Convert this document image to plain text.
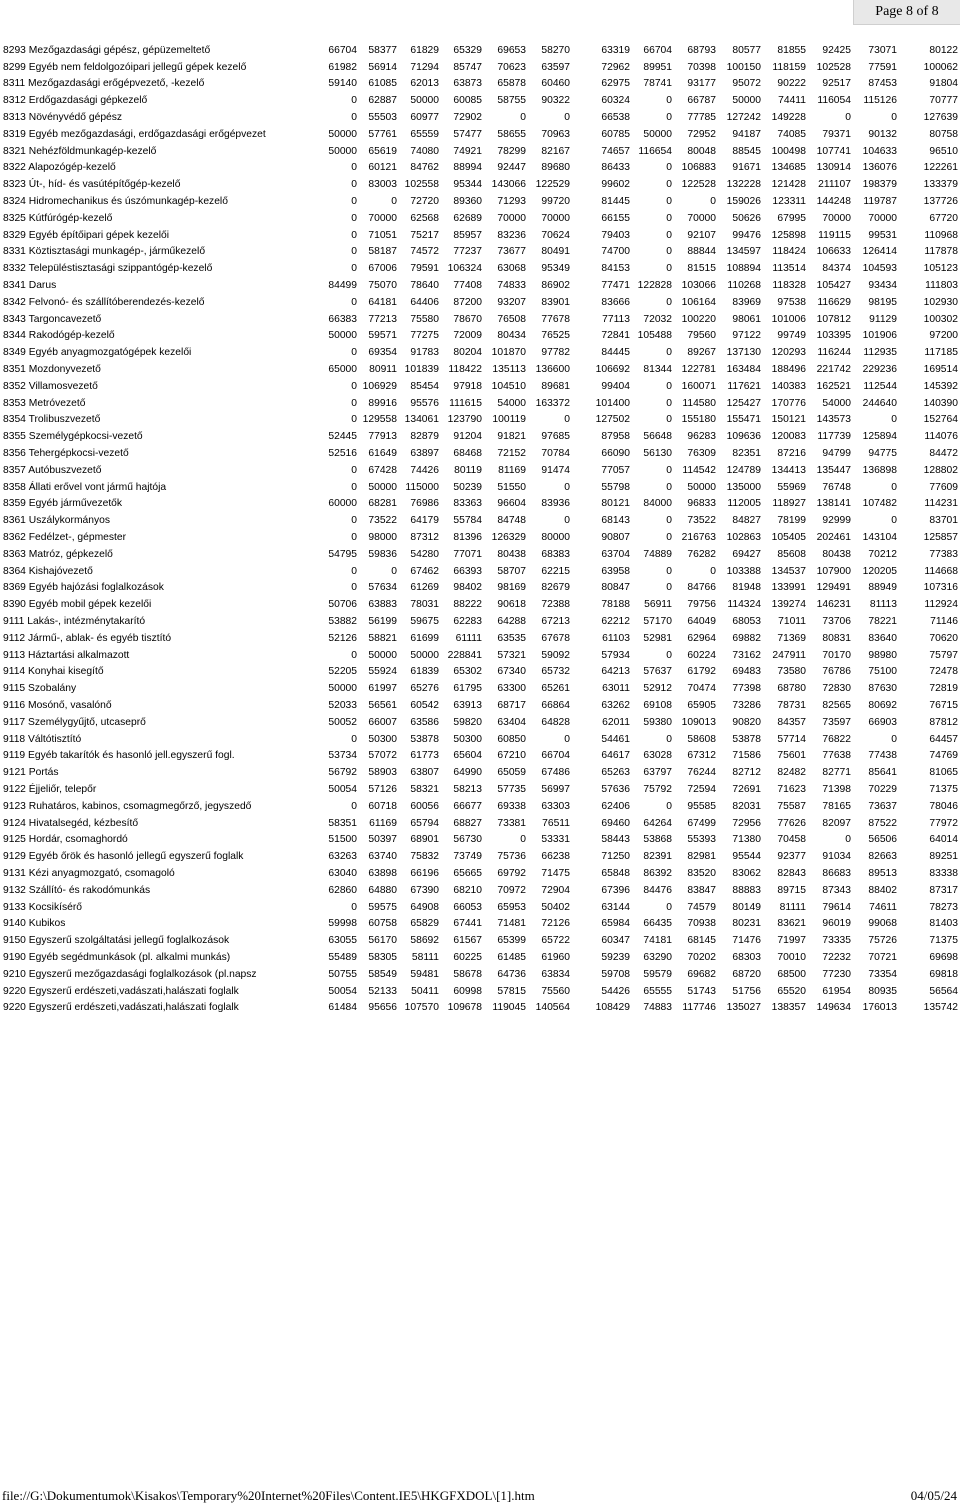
Page 8 of 8
8293 Mezőgazdasági gépész, gépüzemeltető	66704	58377	61829	65329	69653	58270	63319	66704	68793	80577	81855	92425	73071	80122
8299 Egyéb nem feldolgozóipari jellegű gépek kezelő	61982	56914	71294	85747	70623	63597	72962	89951	70398	100150	118159	102528	77591	100062
8311 Mezőgazdasági erőgépvezető, -kezelő	59140	61085	62013	63873	65878	60460	62975	78741	93177	95072	90222	92517	87453	91804
8312 Erdőgazdasági gépkezelő	0	62887	50000	60085	58755	90322	60324	0	66787	50000	74411	116054	115126	70777
8313 Növényvédő gépész	0	55503	60977	72902	0	0	66538	0	77785	127242	149228	0	0	127639
8319 Egyéb mezőgazdasági, erdőgazdasági erőgépvezet	50000	57761	65559	57477	58655	70963	60785	50000	72952	94187	74085	79371	90132	80758
8321 Nehézföldmunkagép-kezelő	50000	65619	74080	74921	78299	82167	74657	116654	80048	88545	100498	107741	104633	96510
8322 Alapozógép-kezelő	0	60121	84762	88994	92447	89680	86433	0	106883	91671	134685	130914	136076	122261
8323 Út-, híd- és vasútépítőgép-kezelő	0	83003	102558	95344	143066	122529	99602	0	122528	132228	121428	211107	198379	133379
8324 Hidromechanikus és úszómunkagép-kezelő	0	0	72720	89360	71293	99720	81445	0	0	159026	123311	144248	119787	137726
8325 Kútfúrógép-kezelő	0	70000	62568	62689	70000	70000	66155	0	70000	50626	67995	70000	70000	67720
8329 Egyéb építőipari gépek kezelői	0	71051	75217	85957	83236	70624	79403	0	92107	99476	125898	119115	99531	110968
8331 Köztisztasági munkagép-, járműkezelő	0	58187	74572	77237	73677	80491	74700	0	88844	134597	118424	106633	126414	117878
8332 Településtisztasági szippantógép-kezelő	0	67006	79591	106324	63068	95349	84153	0	81515	108894	113514	84374	104593	105123
8341 Darus	84499	75070	78640	77408	74833	86902	77471	122828	103066	110268	118328	105427	93434	111803
8342 Felvonó- és szállítóberendezés-kezelő	0	64181	64406	87200	93207	83901	83666	0	106164	83969	97538	116629	98195	102930
8343 Targoncavezető	66383	77213	75580	78670	76508	77678	77113	72032	100220	98061	101006	107812	91129	100302
8344 Rakodógép-kezelő	50000	59571	77275	72009	80434	76525	72841	105488	79560	97122	99749	103395	101906	97200
8349 Egyéb anyagmozgatógépek kezelői	0	69354	91783	80204	101870	97782	84445	0	89267	137130	120293	116244	112935	117185
8351 Mozdonyvezető	65000	80911	101839	118422	135113	136600	106692	81344	122781	163484	188496	221742	229236	169514
8352 Villamosvezető	0	106929	85454	97918	104510	89681	99404	0	160071	117621	140383	162521	112544	145392
8353 Metróvezető	0	89916	95576	111615	54000	163372	101400	0	114580	125427	170776	54000	244640	140390
8354 Trolibuszvezető	0	129558	134061	123790	100119	0	127502	0	155180	155471	150121	143573	0	152764
8355 Személygépkocsi-vezető	52445	77913	82879	91204	91821	97685	87958	56648	96283	109636	120083	117739	125894	114076
8356 Tehergépkocsi-vezető	52516	61649	63897	68468	72152	70784	66090	56130	76309	82351	87216	94799	94775	84472
8357 Autóbuszvezető	0	67428	74426	80119	81169	91474	77057	0	114542	124789	134413	135447	136898	128802
8358 Állati erővel vont jármű hajtója	0	50000	115000	50239	51550	0	55798	0	50000	135000	55969	76748	0	77609
8359 Egyéb járművezetők	60000	68281	76986	83363	96604	83936	80121	84000	96833	112005	118927	138141	107482	114231
8361 Uszálykormányos	0	73522	64179	55784	84748	0	68143	0	73522	84827	78199	92999	0	83701
8362 Fedélzet-, gépmester	0	98000	87312	81396	126329	80000	90807	0	216763	102863	105405	202461	143104	125857
8363 Matróz, gépkezelő	54795	59836	54280	77071	80438	68383	63704	74889	76282	69427	85608	80438	70212	77383
8364 Kishajóvezető	0	0	67462	66393	58707	62215	63958	0	0	103388	134537	107900	120205	114668
8369 Egyéb hajózási foglalkozások	0	57634	61269	98402	98169	82679	80847	0	84766	81948	133991	129491	88949	107316
8390 Egyéb mobil gépek kezelői	50706	63883	78031	88222	90618	72388	78188	56911	79756	114324	139274	146231	81113	112924
9111 Lakás-, intézménytakarító	53882	56199	59675	62283	64288	67213	62212	57170	64049	68053	71011	73706	78221	71146
9112 Jármű-, ablak- és egyéb tisztító	52126	58821	61699	61111	63535	67678	61103	52981	62964	69882	71369	80831	83640	70620
9113 Háztartási alkalmazott	0	50000	50000	228841	57321	59092	57934	0	60224	73162	247911	70170	98980	75797
9114 Konyhai kisegítő	52205	55924	61839	65302	67340	65732	64213	57637	61792	69483	73580	76786	75100	72478
9115 Szobalány	50000	61997	65276	61795	63300	65261	63011	52912	70474	77398	68780	72830	87630	72819
9116 Mosónő, vasalónő	52033	56561	60542	63913	68717	66864	63262	69108	65905	73286	78731	82565	80692	76715
9117 Személygyűjtő, utcaseprő	50052	66007	63586	59820	63404	64828	62011	59380	109013	90820	84357	73597	66903	87812
9118 Váltótisztító	0	50300	53878	50300	60850	0	54461	0	58608	53878	57714	76822	0	64457
9119 Egyéb takarítók és hasonló jell.egyszerű fogl.	53734	57072	61773	65604	67210	66704	64617	63028	67312	71586	75601	77638	77438	74769
9121 Portás	56792	58903	63807	64990	65059	67486	65263	63797	76244	82712	82482	82771	85641	81065
9122 Éjjeliőr, telepőr	50054	57126	58321	58213	57735	56997	57636	75792	72594	72691	71623	71398	70229	71375
9123 Ruhatáros, kabinos, csomagmegőrző, jegyszedő	0	60718	60056	66677	69338	63303	62406	0	95585	82031	75587	78165	73637	78046
9124 Hivatalsegéd, kézbesítő	58351	61169	65794	68827	73381	76511	69460	64264	67499	72956	77626	82097	87522	77972
9125 Hordár, csomaghordó	51500	50397	68901	56730	0	53331	58443	53868	55393	71380	70458	0	56506	64014
9129 Egyéb őrök és hasonló jellegű egyszerű foglalk	63263	63740	75832	73749	75736	66238	71250	82391	82981	95544	92377	91034	82663	89251
9131 Kézi anyagmozgató, csomagoló	63040	63898	66196	65665	69792	71475	65848	86392	83520	83062	82843	86683	89513	83338
9132 Szállító- és rakodómunkás	62860	64880	67390	68210	70972	72904	67396	84476	83847	88883	89715	87343	88402	87317
9133 Kocsikísérő	0	59575	64908	66053	65953	50402	63144	0	74579	80149	81111	79614	74611	78273
9140 Kubikos	59998	60758	65829	67441	71481	72126	65984	66435	70938	80231	83621	96019	99068	81403
9150 Egyszerű szolgáltatási jellegű foglalkozások	63055	56170	58692	61567	65399	65722	60347	74181	68145	71476	71997	73335	75726	71375
9190 Egyéb segédmunkások (pl. alkalmi munkás)	55489	58305	58111	60225	61485	61960	59239	63290	70202	68303	70010	72232	70721	69698
9210 Egyszerű mezőgazdasági foglalkozások (pl.napsz	50755	58549	59481	58678	64736	63834	59708	59579	69682	68720	68500	77230	73354	69818
9220 Egyszerű erdészeti,vadászati,halászati foglalk	50054	52133	50411	60998	57815	75560	54426	65555	51743	51756	65520	61954	80935	56564
9220 Egyszerű erdészeti,vadászati,halászati foglalk	61484	95656	107570	109678	119045	140564	108429	74883	117746	135027	138357	149634	176013	135742
file://G:\Dokumentumok\Kisakos\Temporary%20Internet%20Files\Content.IE5\HKGFXDOL\[1].htm	04/05/24
